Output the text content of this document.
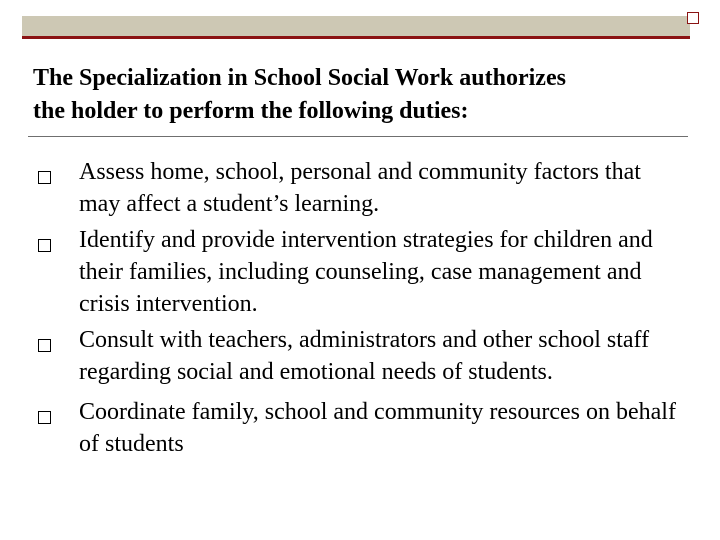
The Specialization in School Social Work authorizes
the holder to perform the following duties:
Assess home, school, personal and community factors that may affect a student’s learning.
Identify and provide intervention strategies for children and their families, including counseling, case management and crisis intervention.
Consult with teachers, administrators and other school staff regarding social and emotional needs of students.
Coordinate family, school and community resources on behalf of students
